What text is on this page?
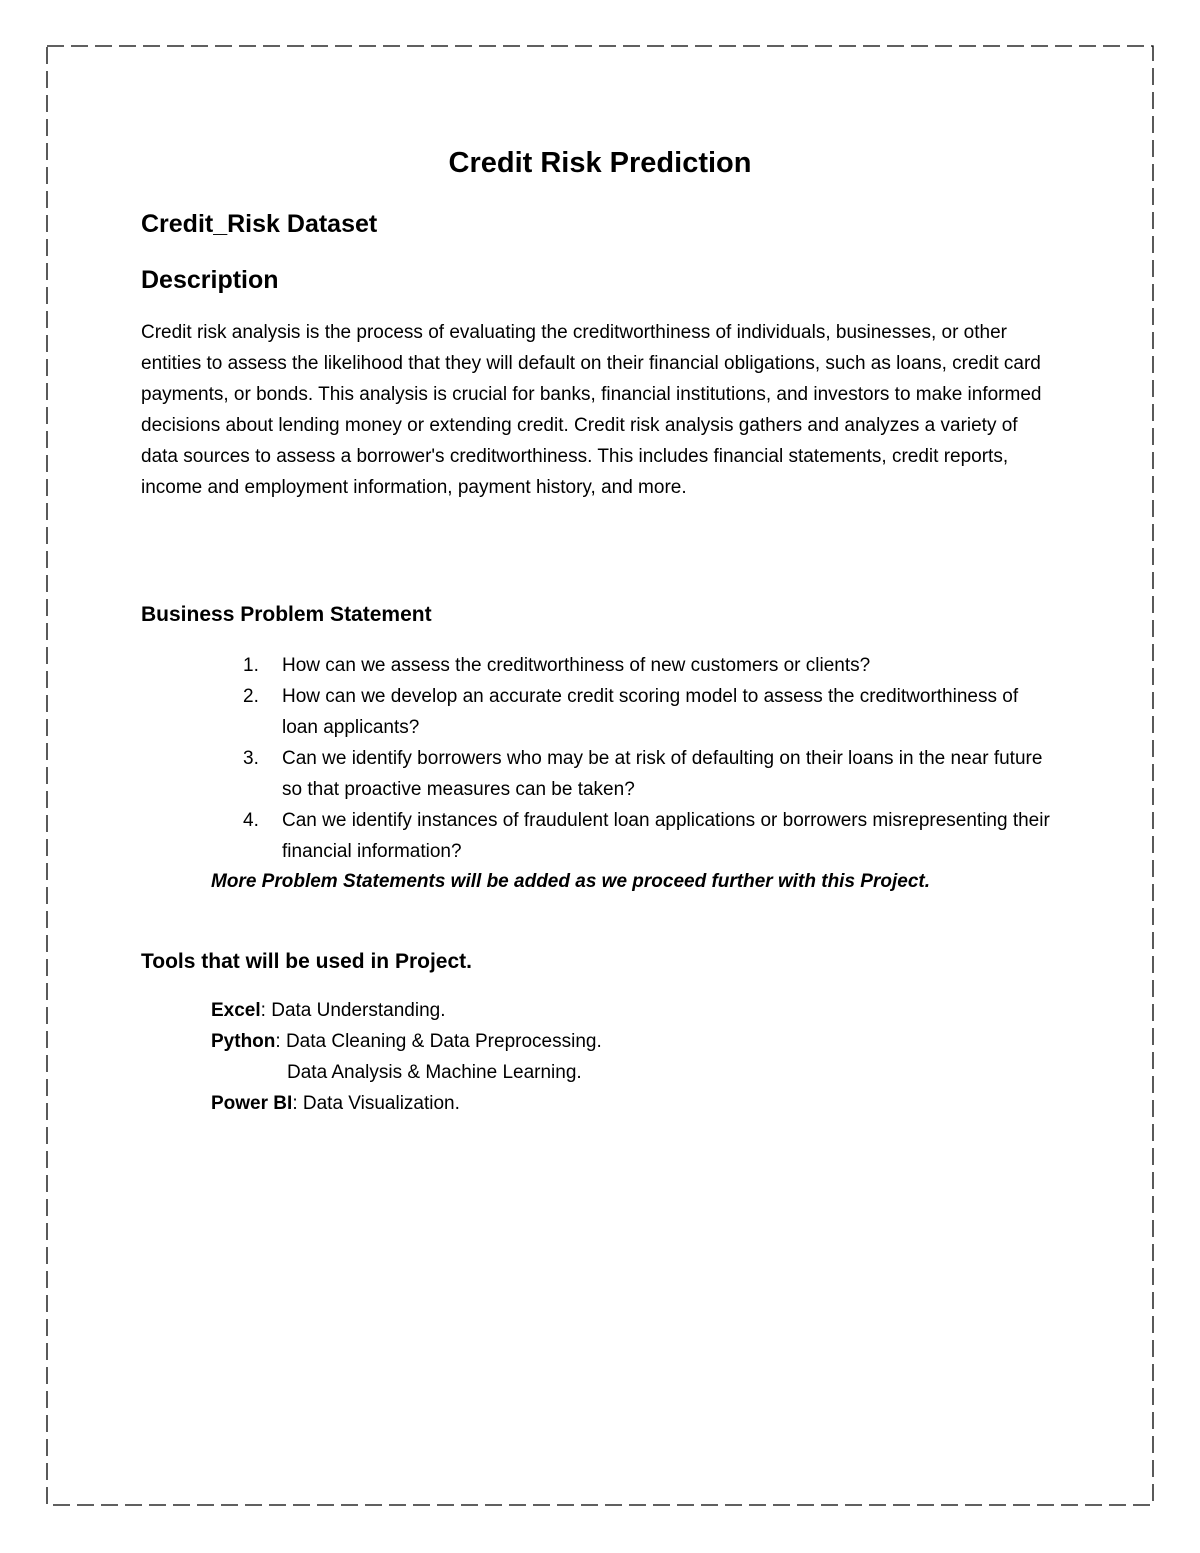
Credit Risk Prediction
Credit_Risk Dataset
Description

Credit risk analysis is the process of evaluating the creditworthiness of individuals, businesses, or other entities to assess the likelihood that they will default on their financial obligations, such as loans, credit card payments, or bonds. This analysis is crucial for banks, financial institutions, and investors to make informed decisions about lending money or extending credit. Credit risk analysis gathers and analyzes a variety of data sources to assess a borrower's creditworthiness. This includes financial statements, credit reports, income and employment information, payment history, and more.

Business Problem Statement
1. How can we assess the creditworthiness of new customers or clients?
2. How can we develop an accurate credit scoring model to assess the creditworthiness of loan applicants?
3. Can we identify borrowers who may be at risk of defaulting on their loans in the near future so that proactive measures can be taken?
4. Can we identify instances of fraudulent loan applications or borrowers misrepresenting their financial information?

More Problem Statements will be added as we proceed further with this Project.

Tools that will be used in Project.
Excel: Data Understanding.
Python: Data Cleaning & Data Preprocessing.
Data Analysis & Machine Learning.
Power BI: Data Visualization.
